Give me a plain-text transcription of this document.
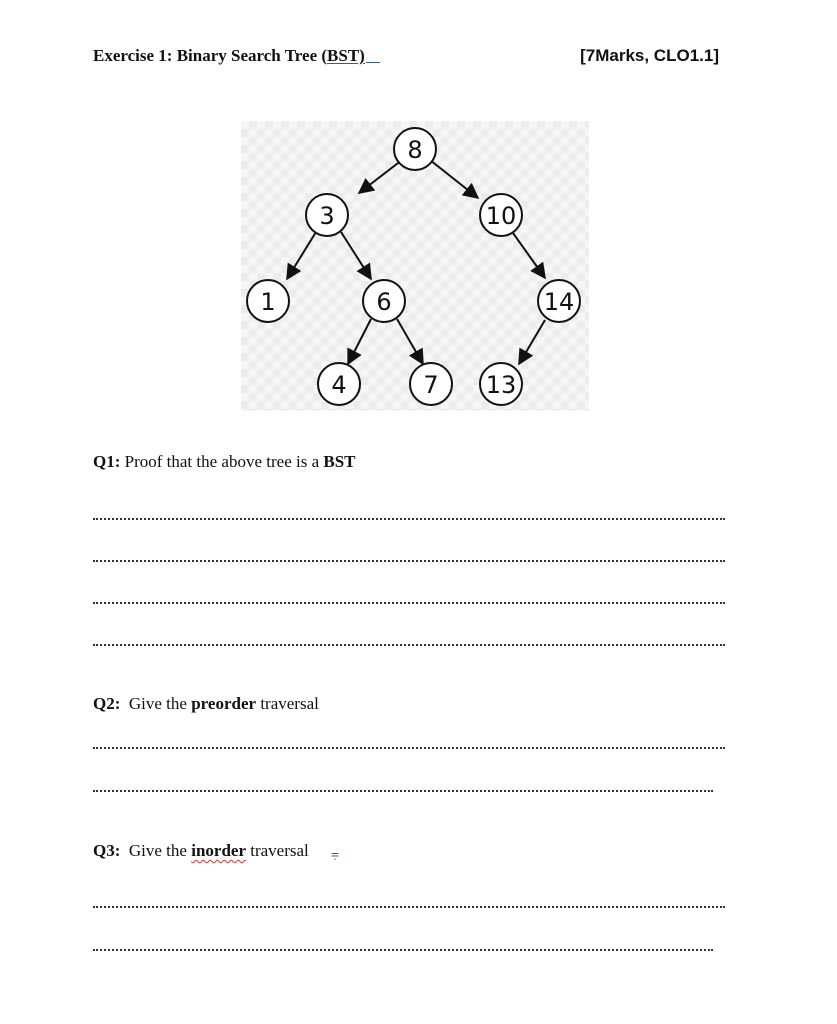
Exercise 1: Binary Search Tree (BST)	[7Marks, CLO1.1]
8
3	10
1	6	14
4	7 13
Q1: Proof that the above tree is a BST
Q2: Give the preorder traversal
Q3: Give the inorder traversal ⩦
